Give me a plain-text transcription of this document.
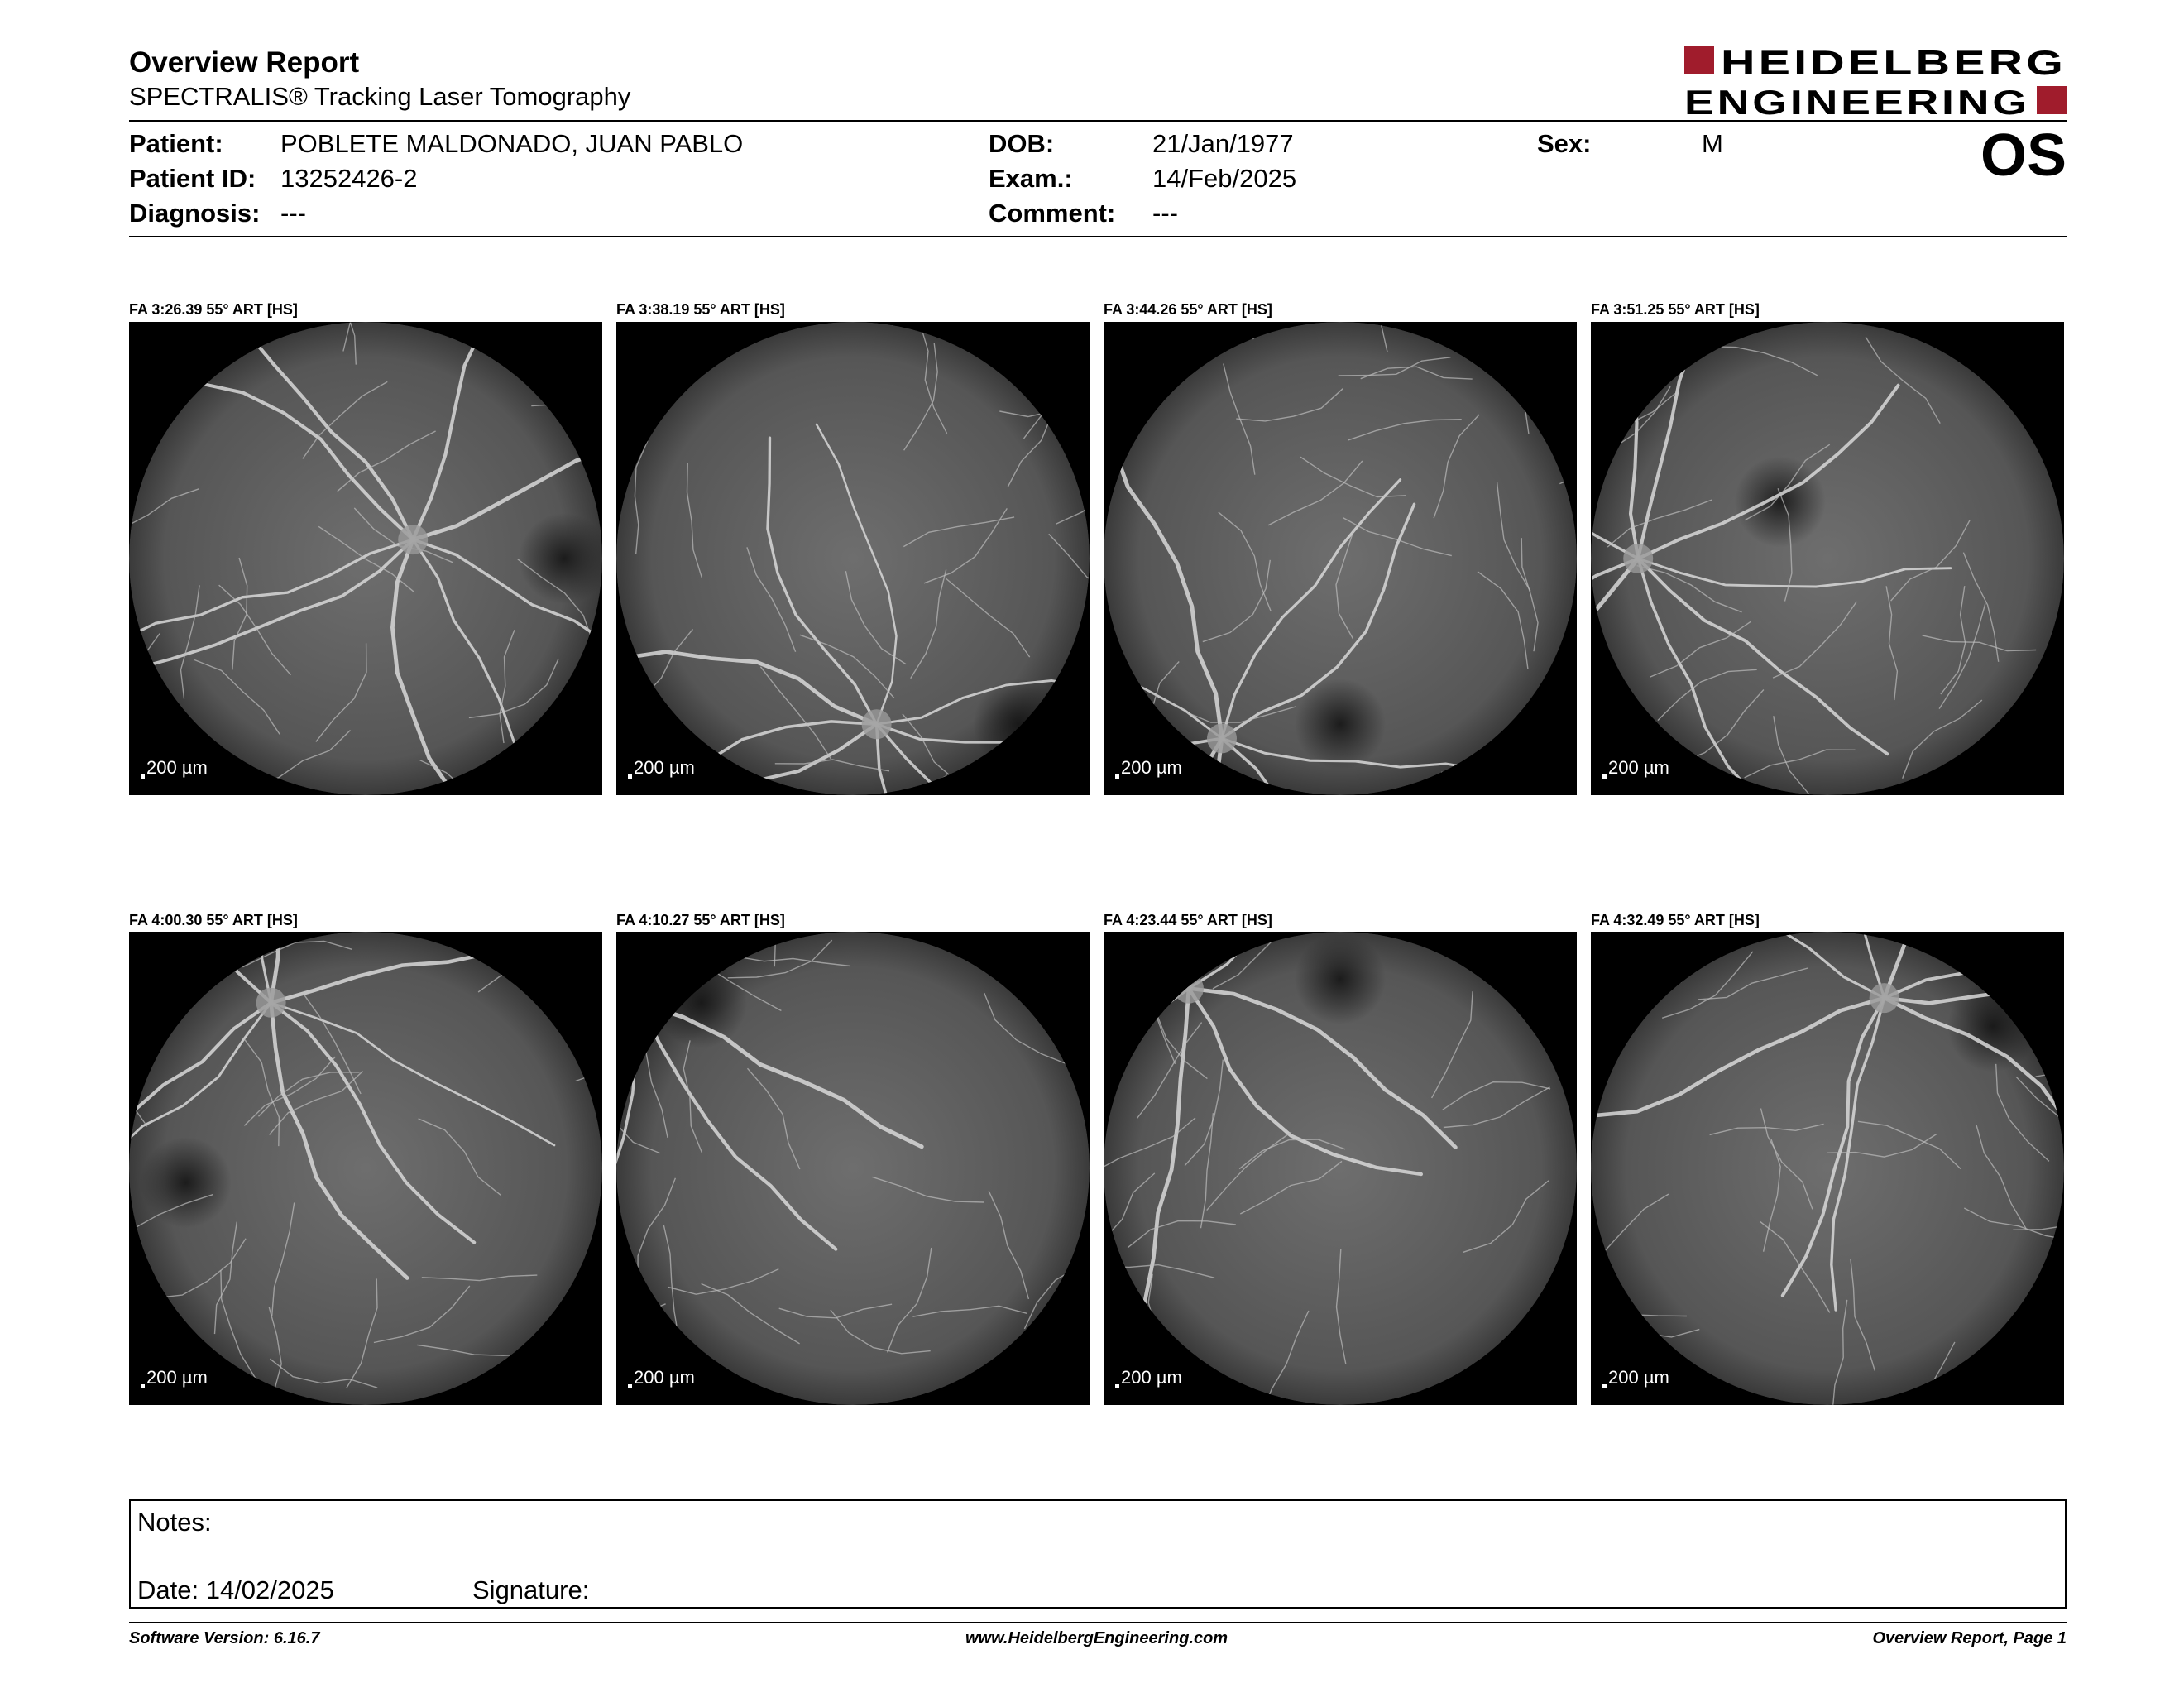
Overview Report
SPECTRALIS® Tracking Laser Tomography
HEIDELBERG
ENGINEERING
Patient: POBLETE MALDONADO, JUAN PABLO
Patient ID: 13252426-2
Diagnosis: ---
DOB:	21/Jan/1977
Exam.:	14/Feb/2025
Comment: ---
Sex:	M	OS
FA 3:26.39 55° ART [HS]
200 µm
FA 3:38.19 55° ART [HS]
200 µm
FA 3:44.26 55° ART [HS]
200 µm
FA 3:51.25 55° ART [HS]
200 µm
FA 4:00.30 55° ART [HS]
200 µm
FA 4:10.27 55° ART [HS]
200 µm
FA 4:23.44 55° ART [HS]
200 µm
FA 4:32.49 55° ART [HS]
200 µm
Notes:
Date: 14/02/2025	Signature:
Software Version: 6.16.7	www.HeidelbergEngineering.com	Overview Report, Page 1
